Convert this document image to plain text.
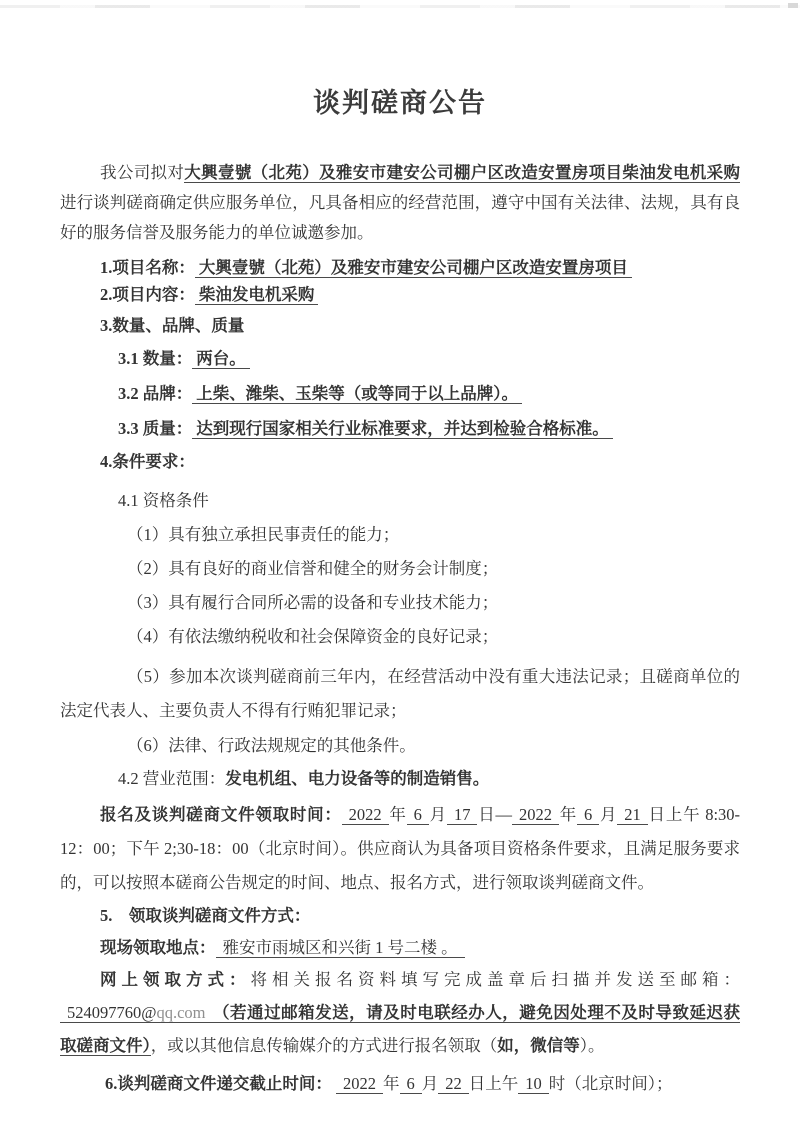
谈判磋商公告

我公司拟对大興壹號（北苑）及雅安市建安公司棚户区改造安置房项目柴油发电机采购进行谈判磋商确定供应服务单位，凡具备相应的经营范围，遵守中国有关法律、法规，具有良好的服务信誉及服务能力的单位诚邀参加。

1.项目名称： 大興壹號（北苑）及雅安市建安公司棚户区改造安置房项目

2.项目内容： 柴油发电机采购

3.数量、品牌、质量

3.1 数量： 两台。

3.2 品牌： 上柴、潍柴、玉柴等（或等同于以上品牌）。

3.3 质量： 达到现行国家相关行业标准要求，并达到检验合格标准。

4.条件要求：

4.1 资格条件

（1）具有独立承担民事责任的能力；

（2）具有良好的商业信誉和健全的财务会计制度；

（3）具有履行合同所必需的设备和专业技术能力；

（4）有依法缴纳税收和社会保障资金的良好记录；

（5）参加本次谈判磋商前三年内，在经营活动中没有重大违法记录；且磋商单位的法定代表人、主要负责人不得有行贿犯罪记录；

（6）法律、行政法规规定的其他条件。

4.2 营业范围：发电机组、电力设备等的制造销售。

报名及谈判磋商文件领取时间： 2022 年 6 月 17 日— 2022 年 6 月 21 日上午 8:30-12：00；下午 2;30-18：00（北京时间）。供应商认为具备项目资格条件要求，且满足服务要求的，可以按照本磋商公告规定的时间、地点、报名方式，进行领取谈判磋商文件。

5.　领取谈判磋商文件方式：

现场领取地点： 雅安市雨城区和兴街 1 号二楼 。

网上领取方式：将相关报名资料填写完成盖章后扫描并发送至邮箱：524097760@qq.com （若通过邮箱发送，请及时电联经办人，避免因处理不及时导致延迟获取磋商文件），或以其他信息传输媒介的方式进行报名领取（如，微信等）。

6.谈判磋商文件递交截止时间： 2022 年 6 月 22 日上午 10 时（北京时间）；
